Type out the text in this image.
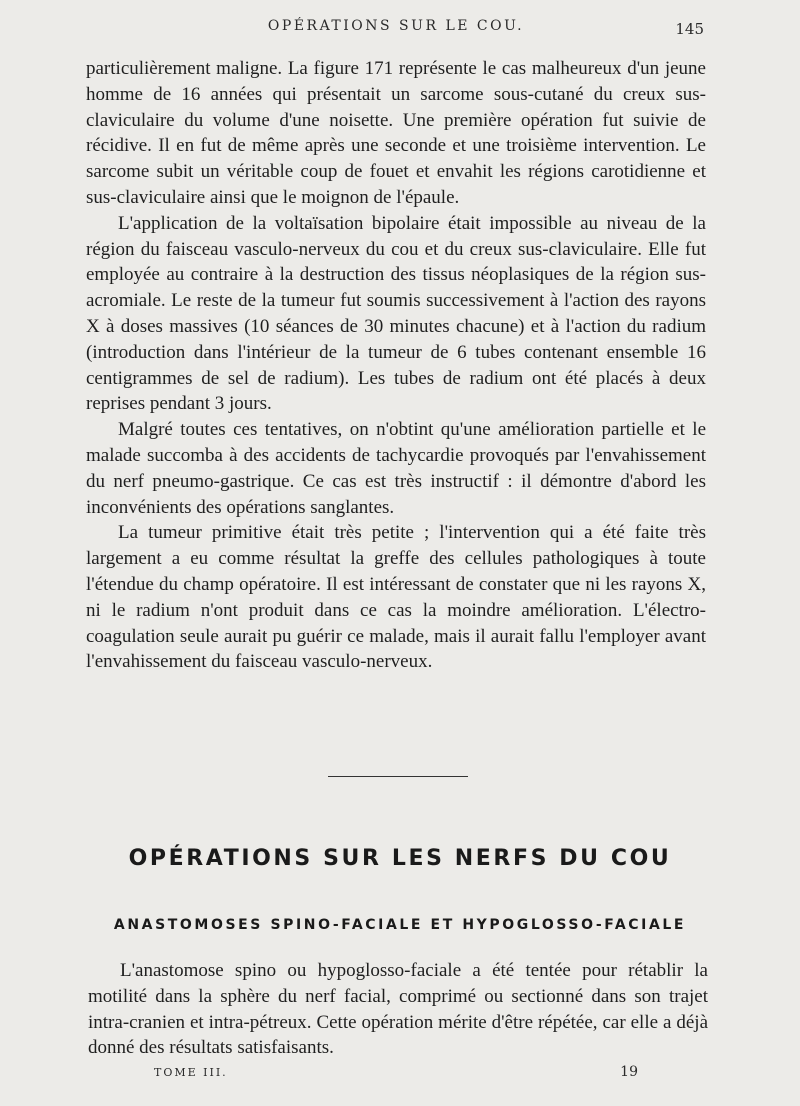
OPÉRATIONS SUR LE COU.	145

particulièrement maligne. La figure 171 représente le cas malheureux d'un jeune homme de 16 années qui présentait un sarcome sous-cutané du creux sus-claviculaire du volume d'une noisette. Une première opération fut suivie de récidive. Il en fut de même après une seconde et une troisième intervention. Le sarcome subit un véritable coup de fouet et envahit les régions carotidienne et sus-claviculaire ainsi que le moignon de l'épaule.

L'application de la voltaïsation bipolaire était impossible au niveau de la région du faisceau vasculo-nerveux du cou et du creux sus-claviculaire. Elle fut employée au contraire à la destruction des tissus néoplasiques de la région sus-acromiale. Le reste de la tumeur fut soumis successivement à l'action des rayons X à doses massives (10 séances de 30 minutes chacune) et à l'action du radium (introduction dans l'intérieur de la tumeur de 6 tubes contenant ensemble 16 centigrammes de sel de radium). Les tubes de radium ont été placés à deux reprises pendant 3 jours.

Malgré toutes ces tentatives, on n'obtint qu'une amélioration partielle et le malade succomba à des accidents de tachycardie provoqués par l'envahissement du nerf pneumo-gastrique. Ce cas est très instructif : il démontre d'abord les inconvénients des opérations sanglantes.

La tumeur primitive était très petite ; l'intervention qui a été faite très largement a eu comme résultat la greffe des cellules pathologiques à toute l'étendue du champ opératoire. Il est intéressant de constater que ni les rayons X, ni le radium n'ont produit dans ce cas la moindre amélioration. L'électro-coagulation seule aurait pu guérir ce malade, mais il aurait fallu l'employer avant l'envahissement du faisceau vasculo-nerveux.

OPÉRATIONS SUR LES NERFS DU COU
ANASTOMOSES SPINO-FACIALE ET HYPOGLOSSO-FACIALE

L'anastomose spino ou hypoglosso-faciale a été tentée pour rétablir la motilité dans la sphère du nerf facial, comprimé ou sectionné dans son trajet intra-cranien et intra-pétreux. Cette opération mérite d'être répétée, car elle a déjà donné des résultats satisfaisants.

TOME III.	19
